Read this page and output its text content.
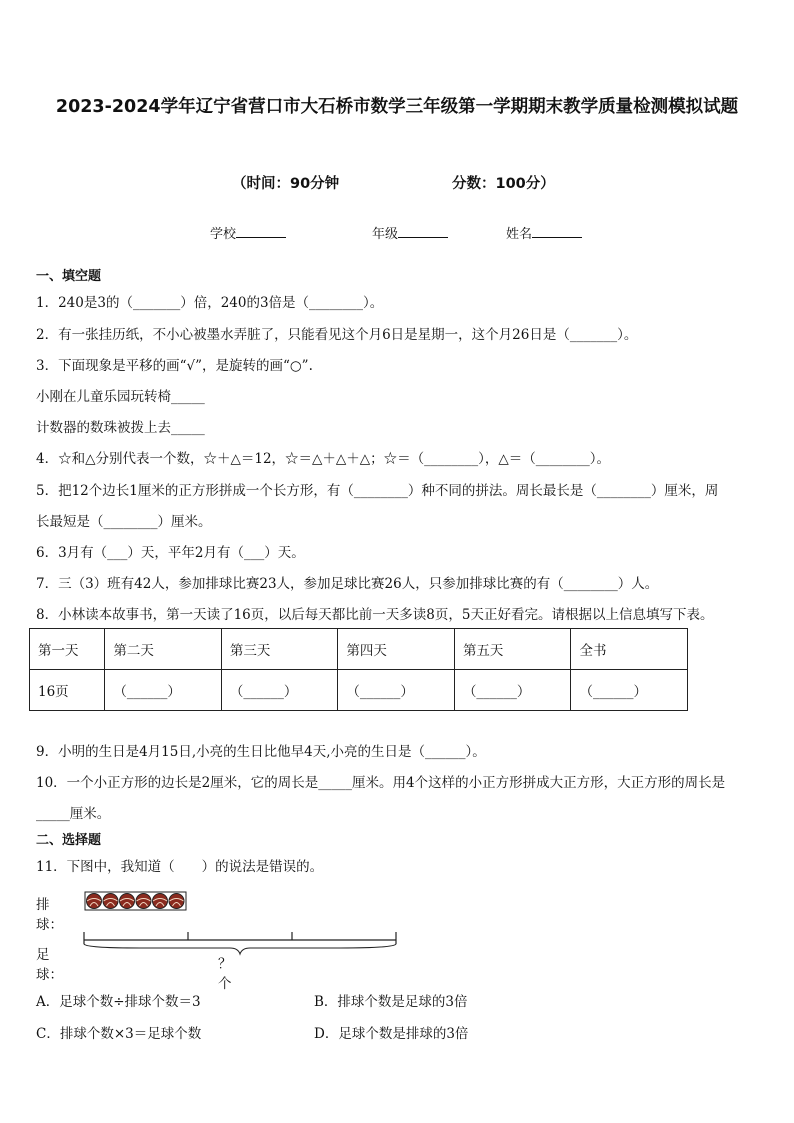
2023-2024学年辽宁省营口市大石桥市数学三年级第一学期期末教学质量检测模拟试题
（时间：90分钟	分数：100分）
学校	年级	姓名
一、填空题
1．240是3的（_______）倍，240的3倍是（________）。
2．有一张挂历纸，不小心被墨水弄脏了，只能看见这个月6日是星期一，这个月26日是（_______）。
3．下面现象是平移的画“√”，是旋转的画“○”.
小刚在儿童乐园玩转椅_____
计数器的数珠被拨上去_____
4．☆和△分别代表一个数，☆＋△＝12，☆＝△＋△＋△；☆＝（________），△＝（________）。
5．把12个边长1厘米的正方形拼成一个长方形，有（________）种不同的拼法。周长最长是（________）厘米，周
长最短是（________）厘米。
6．3月有（___）天，平年2月有（___）天。
7．三（3）班有42人，参加排球比赛23人，参加足球比赛26人，只参加排球比赛的有（________）人。
8．小林读本故事书，第一天读了16页，以后每天都比前一天多读8页，5天正好看完。请根据以上信息填写下表。
第一天	第二天	第三天	第四天	第五天	全书
16页	（______）	（______）	（______）	（______）	（______）
9．小明的生日是4月15日,小亮的生日比他早4天,小亮的生日是（______）。
10．一个小正方形的边长是2厘米，它的周长是_____厘米。用4个这样的小正方形拼成大正方形，大正方形的周长是
_____厘米。
二、选择题
11．下图中，我知道（　　）的说法是错误的。
排球：
足球：
？个
A．足球个数÷排球个数＝3	B．排球个数是足球的3倍
C．排球个数×3＝足球个数	D．足球个数是排球的3倍
